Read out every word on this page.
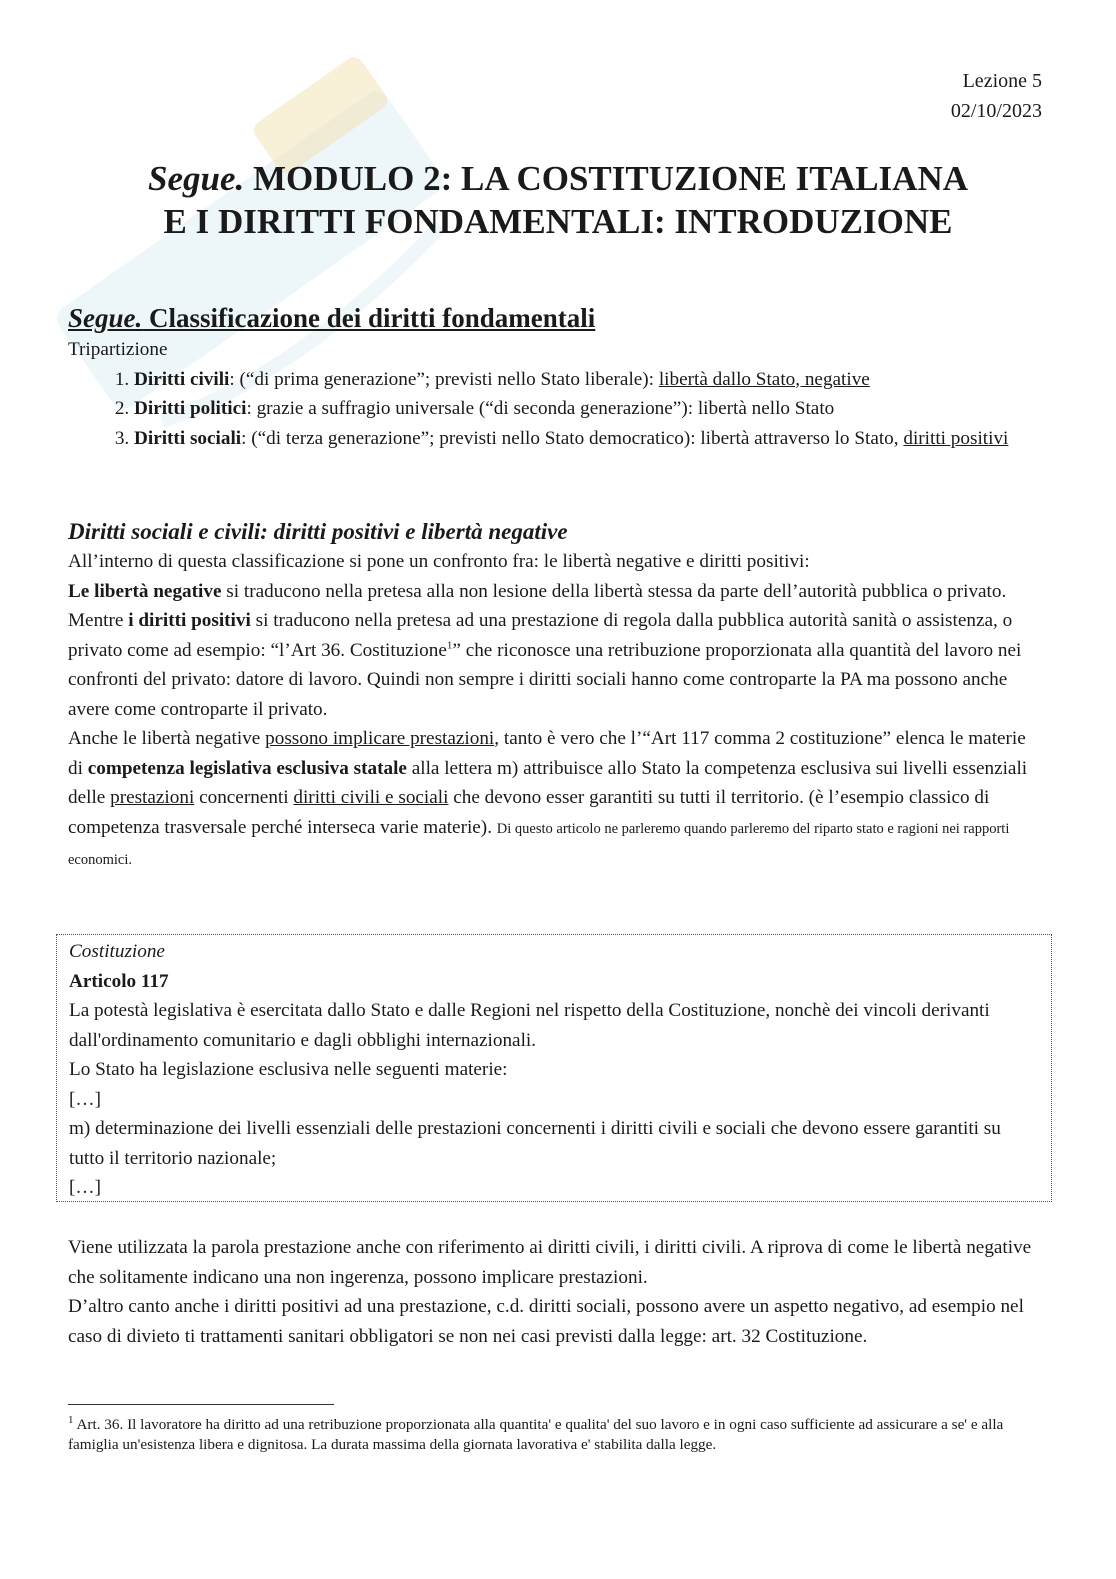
Lezione 5
02/10/2023
Segue. MODULO 2: LA COSTITUZIONE ITALIANA
E I DIRITTI FONDAMENTALI: INTRODUZIONE
Segue. Classificazione dei diritti fondamentali
Tripartizione
1. Diritti civili: (“di prima generazione”; previsti nello Stato liberale): libertà dallo Stato, negative
2. Diritti politici: grazie a suffragio universale (“di seconda generazione”): libertà nello Stato
3. Diritti sociali: (“di terza generazione”; previsti nello Stato democratico): libertà attraverso lo Stato, diritti positivi
Diritti sociali e civili: diritti positivi e libertà negative
All’interno di questa classificazione si pone un confronto fra: le libertà negative e diritti positivi:
Le libertà negative si traducono nella pretesa alla non lesione della libertà stessa da parte dell’autorità pubblica o privato.
Mentre i diritti positivi si traducono nella pretesa ad una prestazione di regola dalla pubblica autorità sanità o assistenza, o privato come ad esempio: “l’Art 36. Costituzione$^1$” che riconosce una retribuzione proporzionata alla quantità del lavoro nei confronti del privato: datore di lavoro. Quindi non sempre i diritti sociali hanno come controparte la PA ma possono anche avere come controparte il privato.
Anche le libertà negative possono implicare prestazioni, tanto è vero che l’“Art 117 comma 2 costituzione” elenca le materie di competenza legislativa esclusiva statale alla lettera m) attribuisce allo Stato la competenza esclusiva sui livelli essenziali delle prestazioni concernenti diritti civili e sociali che devono esser garantiti su tutti il territorio. (è l’esempio classico di competenza trasversale perché interseca varie materie). Di questo articolo ne parleremo quando parleremo del riparto stato e ragioni nei rapporti economici.
Costituzione
Articolo 117
La potestà legislativa è esercitata dallo Stato e dalle Regioni nel rispetto della Costituzione, nonchè dei vincoli derivanti dall'ordinamento comunitario e dagli obblighi internazionali.
Lo Stato ha legislazione esclusiva nelle seguenti materie:
[…]
m) determinazione dei livelli essenziali delle prestazioni concernenti i diritti civili e sociali che devono essere garantiti su tutto il territorio nazionale;
[…]
Viene utilizzata la parola prestazione anche con riferimento ai diritti civili, i diritti civili. A riprova di come le libertà negative che solitamente indicano una non ingerenza, possono implicare prestazioni.
D’altro canto anche i diritti positivi ad una prestazione, c.d. diritti sociali, possono avere un aspetto negativo, ad esempio nel caso di divieto ti trattamenti sanitari obbligatori se non nei casi previsti dalla legge: art. 32 Costituzione.
$^1$ Art. 36. Il lavoratore ha diritto ad una retribuzione proporzionata alla quantita' e qualita' del suo lavoro e in ogni caso sufficiente ad assicurare a se' e alla famiglia un'esistenza libera e dignitosa. La durata massima della giornata lavorativa e' stabilita dalla legge.
